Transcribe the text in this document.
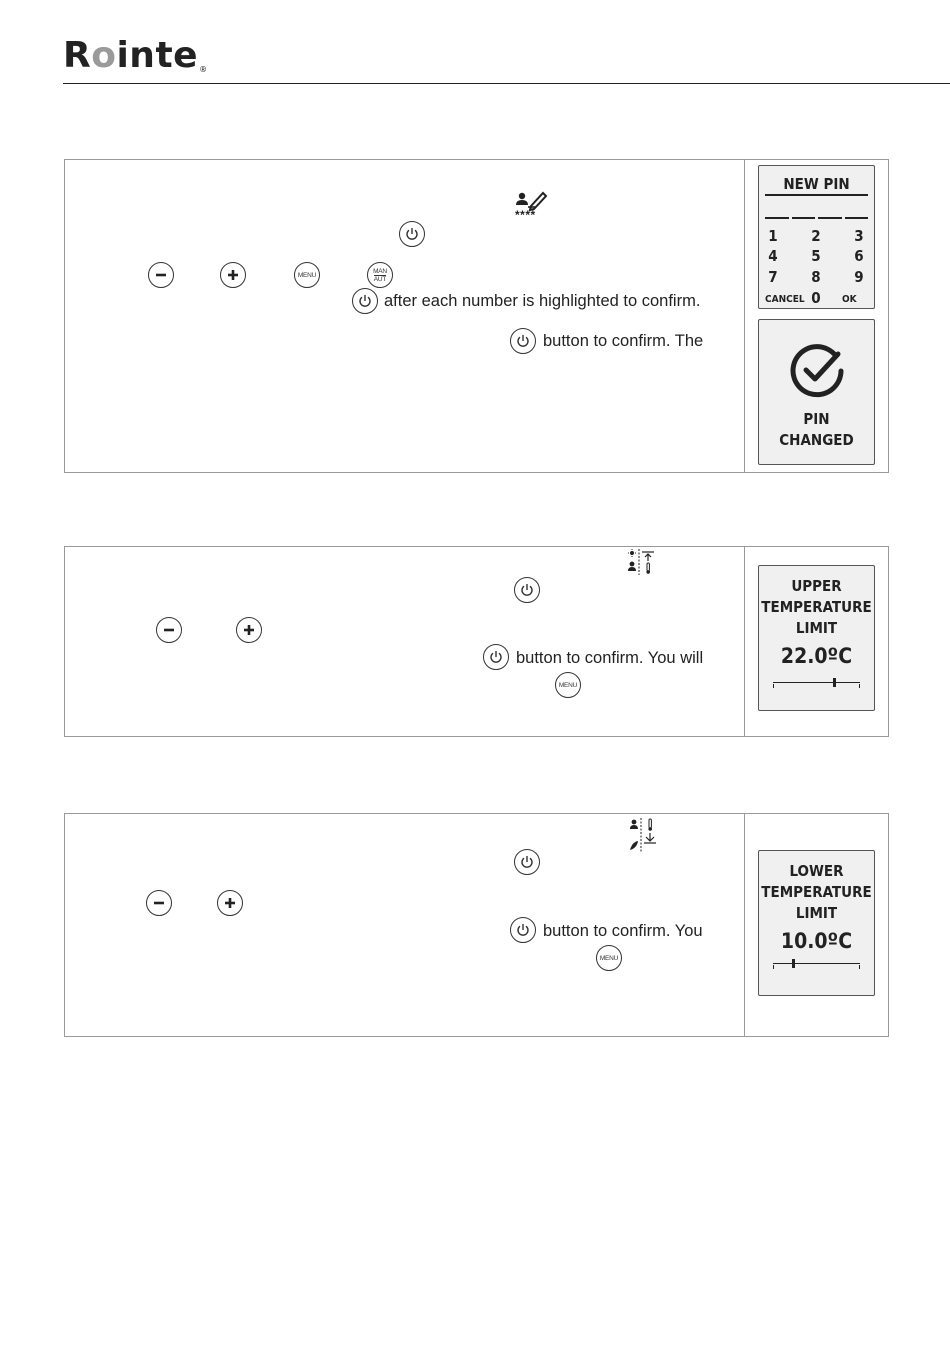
Rointe®
****
MENU
MAN
AUT
after each number is highlighted to confirm.
button to confirm. The
NEW PIN
1	2	3
4	5	6
7	8	9
CANCEL 0	OK
PIN
CHANGED
button to confirm. You will
MENU
UPPER
TEMPERATURE
LIMIT
22.0ºC
button to confirm. You
MENU
LOWER
TEMPERATURE
LIMIT
10.0ºC
